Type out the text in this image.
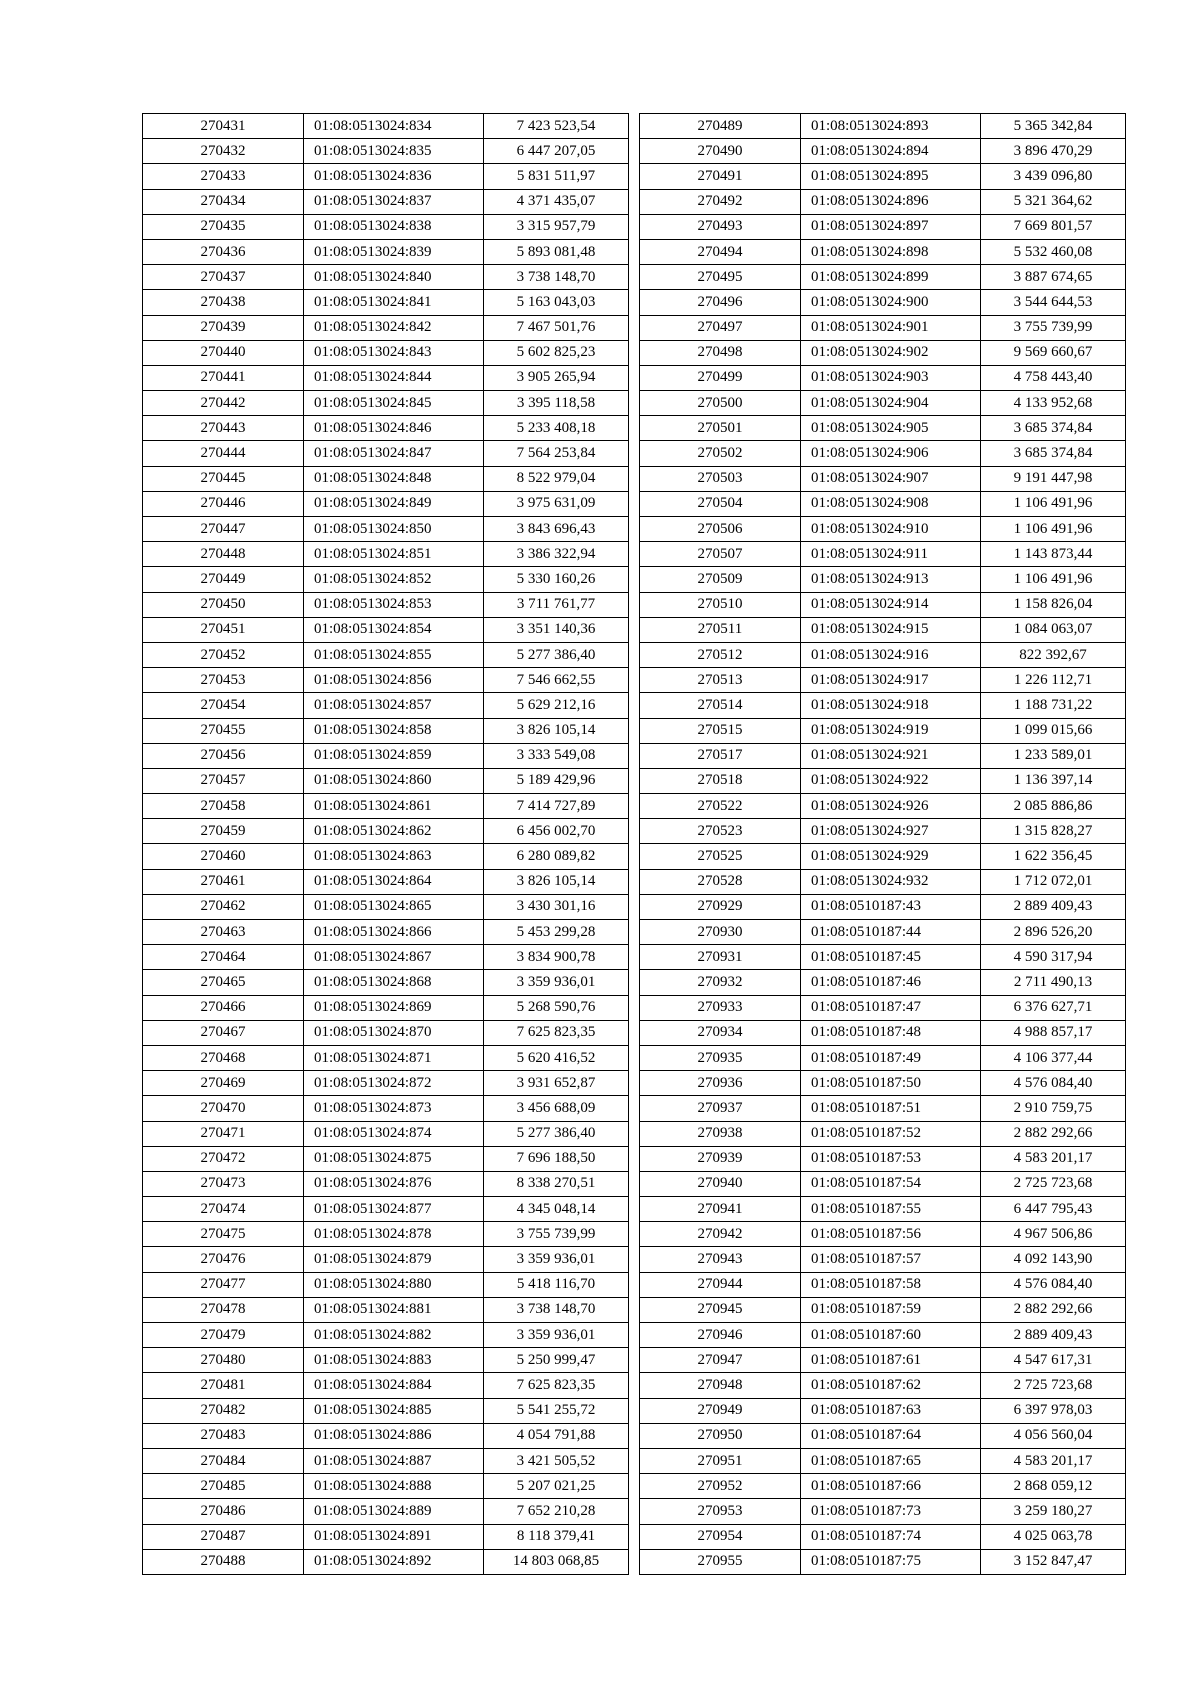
270431	01:08:0513024:834	7 423 523,54
270432	01:08:0513024:835	6 447 207,05
270433	01:08:0513024:836	5 831 511,97
270434	01:08:0513024:837	4 371 435,07
270435	01:08:0513024:838	3 315 957,79
270436	01:08:0513024:839	5 893 081,48
270437	01:08:0513024:840	3 738 148,70
270438	01:08:0513024:841	5 163 043,03
270439	01:08:0513024:842	7 467 501,76
270440	01:08:0513024:843	5 602 825,23
270441	01:08:0513024:844	3 905 265,94
270442	01:08:0513024:845	3 395 118,58
270443	01:08:0513024:846	5 233 408,18
270444	01:08:0513024:847	7 564 253,84
270445	01:08:0513024:848	8 522 979,04
270446	01:08:0513024:849	3 975 631,09
270447	01:08:0513024:850	3 843 696,43
270448	01:08:0513024:851	3 386 322,94
270449	01:08:0513024:852	5 330 160,26
270450	01:08:0513024:853	3 711 761,77
270451	01:08:0513024:854	3 351 140,36
270452	01:08:0513024:855	5 277 386,40
270453	01:08:0513024:856	7 546 662,55
270454	01:08:0513024:857	5 629 212,16
270455	01:08:0513024:858	3 826 105,14
270456	01:08:0513024:859	3 333 549,08
270457	01:08:0513024:860	5 189 429,96
270458	01:08:0513024:861	7 414 727,89
270459	01:08:0513024:862	6 456 002,70
270460	01:08:0513024:863	6 280 089,82
270461	01:08:0513024:864	3 826 105,14
270462	01:08:0513024:865	3 430 301,16
270463	01:08:0513024:866	5 453 299,28
270464	01:08:0513024:867	3 834 900,78
270465	01:08:0513024:868	3 359 936,01
270466	01:08:0513024:869	5 268 590,76
270467	01:08:0513024:870	7 625 823,35
270468	01:08:0513024:871	5 620 416,52
270469	01:08:0513024:872	3 931 652,87
270470	01:08:0513024:873	3 456 688,09
270471	01:08:0513024:874	5 277 386,40
270472	01:08:0513024:875	7 696 188,50
270473	01:08:0513024:876	8 338 270,51
270474	01:08:0513024:877	4 345 048,14
270475	01:08:0513024:878	3 755 739,99
270476	01:08:0513024:879	3 359 936,01
270477	01:08:0513024:880	5 418 116,70
270478	01:08:0513024:881	3 738 148,70
270479	01:08:0513024:882	3 359 936,01
270480	01:08:0513024:883	5 250 999,47
270481	01:08:0513024:884	7 625 823,35
270482	01:08:0513024:885	5 541 255,72
270483	01:08:0513024:886	4 054 791,88
270484	01:08:0513024:887	3 421 505,52
270485	01:08:0513024:888	5 207 021,25
270486	01:08:0513024:889	7 652 210,28
270487	01:08:0513024:891	8 118 379,41
270488	01:08:0513024:892	14 803 068,85
270489	01:08:0513024:893	5 365 342,84
270490	01:08:0513024:894	3 896 470,29
270491	01:08:0513024:895	3 439 096,80
270492	01:08:0513024:896	5 321 364,62
270493	01:08:0513024:897	7 669 801,57
270494	01:08:0513024:898	5 532 460,08
270495	01:08:0513024:899	3 887 674,65
270496	01:08:0513024:900	3 544 644,53
270497	01:08:0513024:901	3 755 739,99
270498	01:08:0513024:902	9 569 660,67
270499	01:08:0513024:903	4 758 443,40
270500	01:08:0513024:904	4 133 952,68
270501	01:08:0513024:905	3 685 374,84
270502	01:08:0513024:906	3 685 374,84
270503	01:08:0513024:907	9 191 447,98
270504	01:08:0513024:908	1 106 491,96
270506	01:08:0513024:910	1 106 491,96
270507	01:08:0513024:911	1 143 873,44
270509	01:08:0513024:913	1 106 491,96
270510	01:08:0513024:914	1 158 826,04
270511	01:08:0513024:915	1 084 063,07
270512	01:08:0513024:916	822 392,67
270513	01:08:0513024:917	1 226 112,71
270514	01:08:0513024:918	1 188 731,22
270515	01:08:0513024:919	1 099 015,66
270517	01:08:0513024:921	1 233 589,01
270518	01:08:0513024:922	1 136 397,14
270522	01:08:0513024:926	2 085 886,86
270523	01:08:0513024:927	1 315 828,27
270525	01:08:0513024:929	1 622 356,45
270528	01:08:0513024:932	1 712 072,01
270929	01:08:0510187:43	2 889 409,43
270930	01:08:0510187:44	2 896 526,20
270931	01:08:0510187:45	4 590 317,94
270932	01:08:0510187:46	2 711 490,13
270933	01:08:0510187:47	6 376 627,71
270934	01:08:0510187:48	4 988 857,17
270935	01:08:0510187:49	4 106 377,44
270936	01:08:0510187:50	4 576 084,40
270937	01:08:0510187:51	2 910 759,75
270938	01:08:0510187:52	2 882 292,66
270939	01:08:0510187:53	4 583 201,17
270940	01:08:0510187:54	2 725 723,68
270941	01:08:0510187:55	6 447 795,43
270942	01:08:0510187:56	4 967 506,86
270943	01:08:0510187:57	4 092 143,90
270944	01:08:0510187:58	4 576 084,40
270945	01:08:0510187:59	2 882 292,66
270946	01:08:0510187:60	2 889 409,43
270947	01:08:0510187:61	4 547 617,31
270948	01:08:0510187:62	2 725 723,68
270949	01:08:0510187:63	6 397 978,03
270950	01:08:0510187:64	4 056 560,04
270951	01:08:0510187:65	4 583 201,17
270952	01:08:0510187:66	2 868 059,12
270953	01:08:0510187:73	3 259 180,27
270954	01:08:0510187:74	4 025 063,78
270955	01:08:0510187:75	3 152 847,47
